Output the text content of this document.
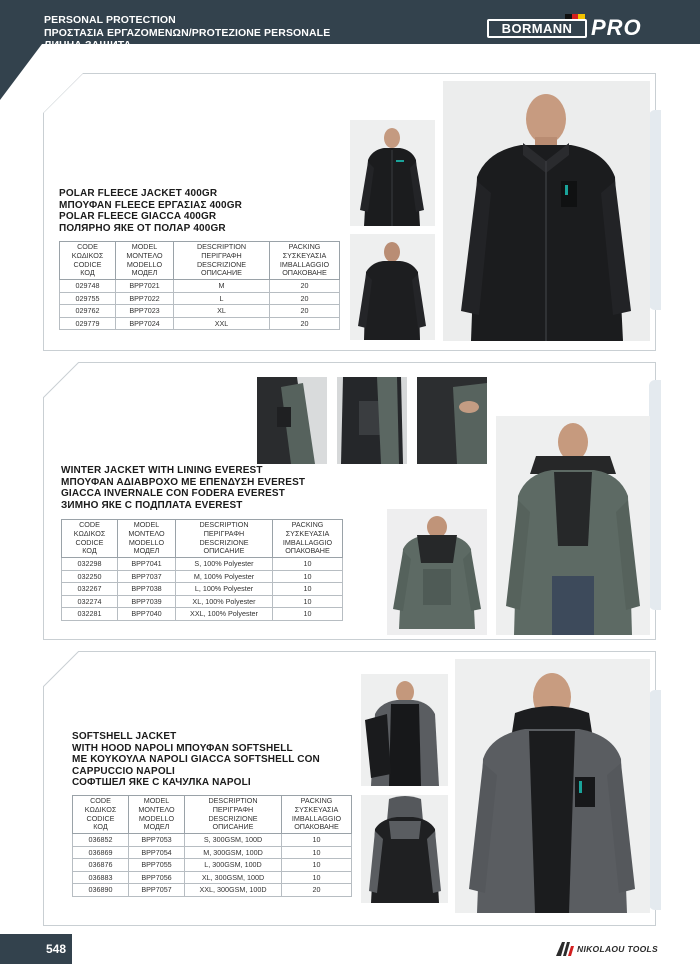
PERSONAL PROTECTION
ΠΡΟΣΤΑΣΙΑ ΕΡΓΑΖΟΜΕΝΩΝ/PROTEZIONE PERSONALE
ЛИЧНА ЗАЩИТА
BORMANN PRO
POLAR FLEECE JACKET 400GR
ΜΠΟΥΦΑΝ FLEECE ΕΡΓΑΣΙΑΣ 400GR
POLAR FLEECE GIACCA 400GR
ПОЛЯРНО ЯКЕ ОТ ПОЛАР 400GR
CODE
ΚΩΔΙΚΟΣ
CODICE
КОД	MODEL
ΜΟΝΤΕΛΟ
MODELLO
МОДЕЛ	DESCRIPTION
ΠΕΡΙΓΡΑΦΗ
DESCRIZIONE
ОПИСАНИЕ	PACKING
ΣΥΣΚΕΥΑΣΙΑ
IMBALLAGGIO
ОПАКОВАНЕ

029748	BPP7021	M	20
029755	BPP7022	L	20
029762	BPP7023	XL	20
029779	BPP7024	XXL	20
WINTER JACKET WITH LINING EVEREST
ΜΠΟΥΦΑΝ ΑΔΙΑΒΡΟΧΟ ΜΕ ΕΠΕΝΔΥΣΗ EVEREST
GIACCA INVERNALE CON FODERA EVEREST
ЗИМНО ЯКЕ С ПОДПЛАТА EVEREST
CODE
ΚΩΔΙΚΟΣ
CODICE
КОД	MODEL
ΜΟΝΤΕΛΟ
MODELLO
МОДЕЛ	DESCRIPTION
ΠΕΡΙΓΡΑΦΗ
DESCRIZIONE
ОПИСАНИЕ	PACKING
ΣΥΣΚΕΥΑΣΙΑ
IMBALLAGGIO
ОПАКОВАНЕ

032298	BPP7041	S, 100% Polyester	10
032250	BPP7037	M, 100% Polyester	10
032267	BPP7038	L, 100% Polyester	10
032274	BPP7039	XL, 100% Polyester	10
032281	BPP7040	XXL, 100% Polyester	10
SOFTSHELL JACKET
WITH HOOD NAPOLI ΜΠΟΥΦΑΝ SOFTSHELL
ΜΕ ΚΟΥΚΟΥΛΑ NAPOLI GIACCA SOFTSHELL CON
CAPPUCCIO NAPOLI
СОФТШЕЛ ЯКЕ С КАЧУЛКА NAPOLI
CODE
ΚΩΔΙΚΟΣ
CODICE
КОД	MODEL
ΜΟΝΤΕΛΟ
MODELLO
МОДЕЛ	DESCRIPTION
ΠΕΡΙΓΡΑΦΗ
DESCRIZIONE
ОПИСАНИЕ	PACKING
ΣΥΣΚΕΥΑΣΙΑ
IMBALLAGGIO
ОПАКОВАНЕ

036852	BPP7053	S, 300GSM, 100D	10
036869	BPP7054	M, 300GSM, 100D	10
036876	BPP7055	L, 300GSM, 100D	10
036883	BPP7056	XL, 300GSM, 100D	10
036890	BPP7057	XXL, 300GSM, 100D	20
548	NIKOLAOU TOOLS
